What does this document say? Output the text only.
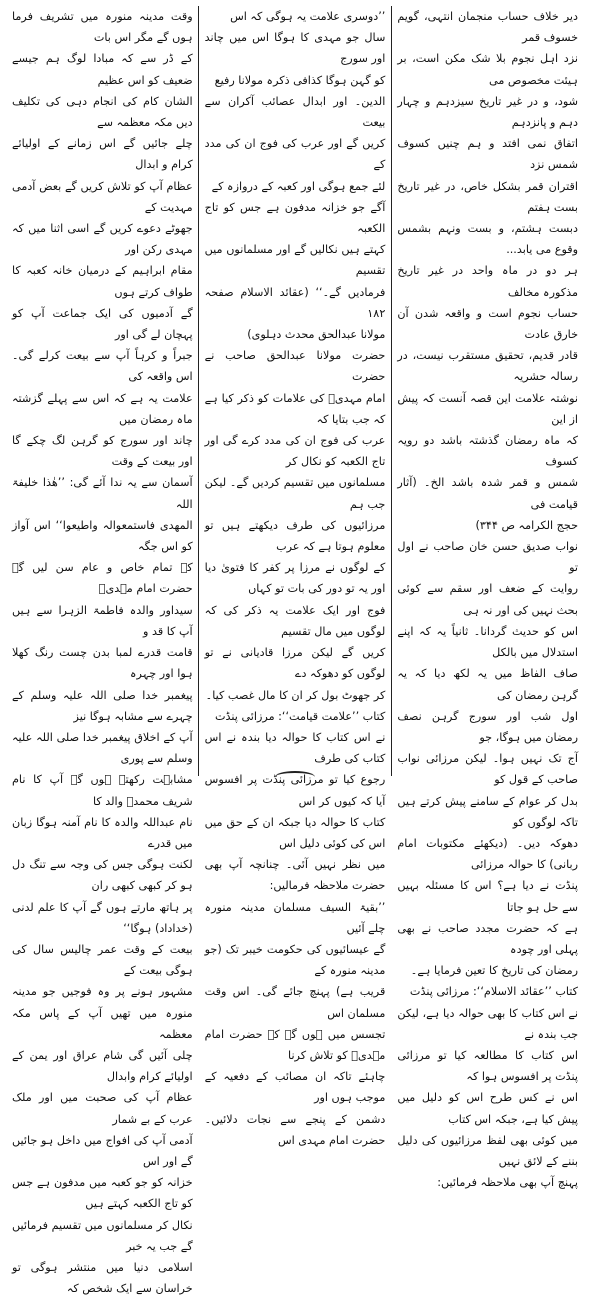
وقت مدینہ منورہ میں تشریف فرما ہوں گے مگر اس بات

کے ڈر سے کہ مبادا لوگ ہم جیسے ضعیف کو اس عظیم

الشان کام کی انجام دہی کی تکلیف دیں مکہ معظمہ سے

چلے جائیں گے اس زمانے کے اولیائے کرام و ابدال

عظام آپ کو تلاش کریں گے بعض آدمی مہدیت کے

جھوٹے دعوے کریں گے اسی اثنا میں کہ مہدی رکن اور

مقام ابراہیم کے درمیان خانہ کعبہ کا طواف کرتے ہوں

گے آدمیوں کی ایک جماعت آپ کو پہچان لے گی اور

جبراً و کرہاً آپ سے بیعت کرلے گی۔ اس واقعہ کی

علامت یہ ہے کہ اس سے پہلے گزشتہ ماہ رمضان میں

چاند اور سورج کو گرہن لگ چکے گا اور بیعت کے وقت

آسمان سے یہ ندا آئے گی: ’’ھٰذا خلیفۃ اللہ

المھدی فاستمعوالہ واطیعوا‘‘ اس آواز کو اس جگہ

کے تمام خاص و عام سن لیں گے حضرت امام مہدیؑ

سیداور والدہ فاطمۃ الزہرا سے ہیں آپ کا قد و

قامت قدرے لمبا بدن چست رنگ کھلا ہوا اور چہرہ

پیغمبر خدا صلی اللہ علیہ وسلم کے چہرے سے مشابہ ہوگا نیز

آپ کے اخلاق پیغمبر خدا صلی اللہ علیہ وسلم سے پوری

مشابہت رکھتے ہوں گے آپ کا نام شریف محمدؐ والد کا

نام عبداللہ والدہ کا نام آمنہ ہوگا زبان میں قدرے

لکنت ہوگی جس کی وجہ سے تنگ دل ہو کر کبھی کبھی ران

پر ہاتھ مارتے ہوں گے آپ کا علم لدنی (خداداد) ہوگا‘‘

بیعت کے وقت عمر چالیس سال کی ہوگی بیعت کے

مشہور ہونے پر وہ فوجیں جو مدینہ منورہ میں تھیں آپ کے پاس مکہ معظمہ

چلی آئیں گی شام عراق اور یمن کے اولیائے کرام وابدال

عظام آپ کی صحبت میں اور ملک عرب کے بے شمار

آدمی آپ کی افواج میں داخل ہو جائیں گے اور اس

خزانہ کو جو کعبہ میں مدفون ہے جس کو تاج الکعبہ کہتے ہیں

نکال کر مسلمانوں میں تقسیم فرمائیں گے جب یہ خبر

اسلامی دنیا میں منتشر ہوگی تو خراسان سے ایک شخص کہ

’’دوسری علامت یہ ہوگی کہ اس

سال جو مہدی کا ہوگا اس میں چاند اور سورج

کو گہن ہوگا کذافی ذکرہ مولانا رفیع

الدین۔ اور ابدال عصائب آکران سے بیعت

کریں گے اور عرب کی فوج ان کی مدد کے

لئے جمع ہوگی اور کعبہ کے دروازہ کے

آگے جو خزانہ مدفون ہے جس کو تاج الکعبہ

کہتے ہیں نکالیں گے اور مسلمانوں میں تقسیم

فرمادیں گے۔‘‘ (عقائد الاسلام صفحہ ۱۸۲

مولانا عبدالحق محدث دہلوی)

حضرت مولانا عبدالحق صاحب نے حضرت

امام مہدیؑ کی علامات کو ذکر کیا ہے کہ جب بتایا کہ

عرب کی فوج ان کی مدد کرے گی اور تاج الکعبہ کو نکال کر

مسلمانوں میں تقسیم کردیں گے۔ لیکن جب ہم

مرزائیوں کی طرف دیکھتے ہیں تو معلوم ہوتا ہے کہ عرب

کے لوگوں نے مرزا پر کفر کا فتویٰ دیا اور یہ تو دور کی بات تو کہاں

فوج اور ایک علامت یہ ذکر کی کہ لوگوں میں مال تقسیم

کریں گے لیکن مرزا قادیانی نے تو لوگوں کو دھوکہ دے

کر جھوٹ بول کر ان کا مال غصب کیا۔

کتاب ’’علامت قیامت‘‘: مرزائی پنڈت

نے اس کتاب کا حوالہ دیا بندہ نے اس کتاب کی طرف

رجوع کیا تو مرزائی پنڈت پر افسوس آیا کہ کیوں کر اس

کتاب کا حوالہ دیا جبکہ ان کے حق میں اس کی کوئی دلیل اس

میں نظر نہیں آئی۔ چنانچہ آپ بھی حضرت ملاحظہ فرمالیں:

’’بقیۃ السیف مسلمان مدینہ منورہ چلے آئیں

گے عیسائیوں کی حکومت خیبر تک (جو مدینہ منورہ کے

قریب ہے) پہنچ جائے گی۔ اس وقت مسلمان اس

تجسس میں ہوں گے کہ حضرت امام مہدیؑ کو تلاش کرنا

چاہئے تاکہ ان مصائب کے دفعیہ کے موجب ہوں اور

دشمن کے پنجے سے نجات دلائیں۔ حضرت امام مہدی اس

دیر خلاف حساب منجمان انتہی، گویم خسوف قمر

نزد اہل نجوم بلا شک مکن است، بر ہیئت مخصوص می

شود، و در غیر تاریخ سیزدہم و چہار دہم و پانزدہم

اتفاق نمی افتد و ہم چنیں کسوف شمس نزد

اقتران قمر بشکل خاص، در غیر تاریخ بست ہفتم

دبست ہشتم، و بست ونہم بشمس وقوع می یابد...

ہر دو در ماہ واحد در غیر تاریخ مذکورہ مخالف

حساب نجوم است و واقعہ شدن آن خارق عادت

قادر قدیم، تحقیق مستقرب نیست، در رسالہ حشریہ

نوشتہ علامت این قصہ آنست کہ پیش از این

کہ ماہ رمضان گذشتہ باشد دو رویہ کسوف

شمس و قمر شدہ باشد الخ۔ (آثار قیامت فی

حجج الکرامہ ص ۳۴۴)

نواب صدیق حسن خان صاحب نے اول تو

روایت کے ضعف اور سقم سے کوئی بحث نہیں کی اور نہ ہی

اس کو حدیث گردانا۔ ثانیاً یہ کہ اپنے استدلال میں بالکل

صاف الفاظ میں یہ لکھ دیا کہ یہ گرہن رمضان کی

اول شب اور سورج گرہن نصف رمضان میں ہوگا، جو

آج تک نہیں ہوا۔ لیکن مرزائی نواب صاحب کے قول کو

بدل کر عوام کے سامنے پیش کرتے ہیں تاکہ لوگوں کو

دھوکہ دیں۔ (دیکھئے مکتوبات امام ربانی) کا حوالہ مرزائی

پنڈت نے دیا ہے؟ اس کا مسئلہ بہیں سے حل ہو جاتا

ہے کہ حضرت مجدد صاحب نے بھی پہلی اور چودہ

رمضان کی تاریخ کا تعین فرمایا ہے۔

کتاب ’’عقائد الاسلام‘‘: مرزائی پنڈت

نے اس کتاب کا بھی حوالہ دیا ہے، لیکن جب بندہ نے

اس کتاب کا مطالعہ کیا تو مرزائی پنڈت پر افسوس ہوا کہ

اس نے کس طرح اس کو دلیل میں پیش کیا ہے، جبکہ اس کتاب

میں کوئی بھی لفظ مرزائیوں کی دلیل بننے کے لائق نہیں

پہنچ آپ بھی ملاحظہ فرمائیں:
